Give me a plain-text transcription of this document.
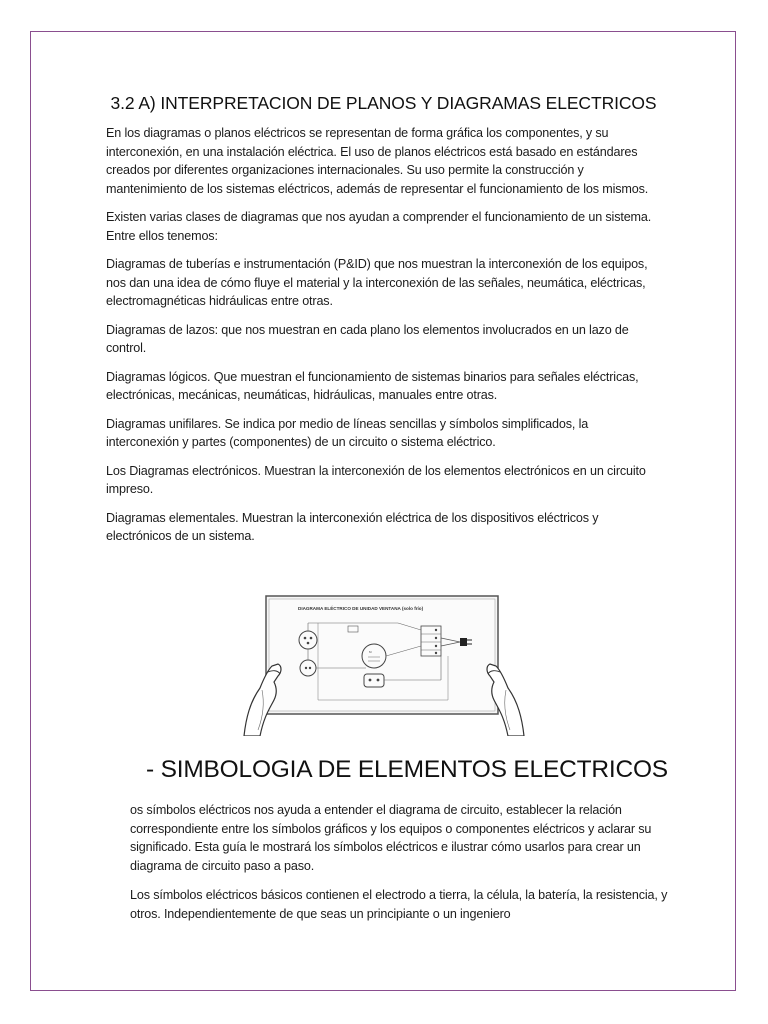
3.2 A) INTERPRETACION DE PLANOS Y DIAGRAMAS ELECTRICOS

En los diagramas o planos eléctricos se representan de forma gráfica los componentes, y su interconexión, en una instalación eléctrica. El uso de planos eléctricos está basado en estándares creados por diferentes organizaciones internacionales. Su uso permite la construcción y mantenimiento de los sistemas eléctricos, además de representar el funcionamiento de los mismos.

Existen varias clases de diagramas que nos ayudan a comprender el funcionamiento de un sistema. Entre ellos tenemos:

Diagramas de tuberías e instrumentación (P&ID) que nos muestran la interconexión de los equipos, nos dan una idea de cómo fluye el material y la interconexión de las señales, neumática, eléctricas, electromagnéticas hidráulicas entre otras.

Diagramas de lazos: que nos muestran en cada plano los elementos involucrados en un lazo de control.

Diagramas lógicos. Que muestran el funcionamiento de sistemas binarios para señales eléctricas, electrónicas, mecánicas, neumáticas, hidráulicas, manuales entre otras.

Diagramas unifilares. Se indica por medio de líneas sencillas y símbolos simplificados, la interconexión y partes (componentes) de un circuito o sistema eléctrico.

Los Diagramas electrónicos. Muestran la interconexión de los elementos electrónicos en un circuito impreso.

Diagramas elementales. Muestran la interconexión eléctrica de los dispositivos eléctricos y electrónicos de un sistema.

DIAGRAMA ELÉCTRICO DE UNIDAD VENTANA (solo frío)
M
- SIMBOLOGIA DE ELEMENTOS ELECTRICOS

os símbolos eléctricos nos ayuda a entender el diagrama de circuito, establecer la relación correspondiente entre los símbolos gráficos y los equipos o componentes eléctricos y aclarar su significado. Esta guía le mostrará los símbolos eléctricos e ilustrar cómo usarlos para crear un diagrama de circuito paso a paso.

Los símbolos eléctricos básicos contienen el electrodo a tierra, la célula, la batería, la resistencia, y otros. Independientemente de que seas un principiante o un ingeniero
